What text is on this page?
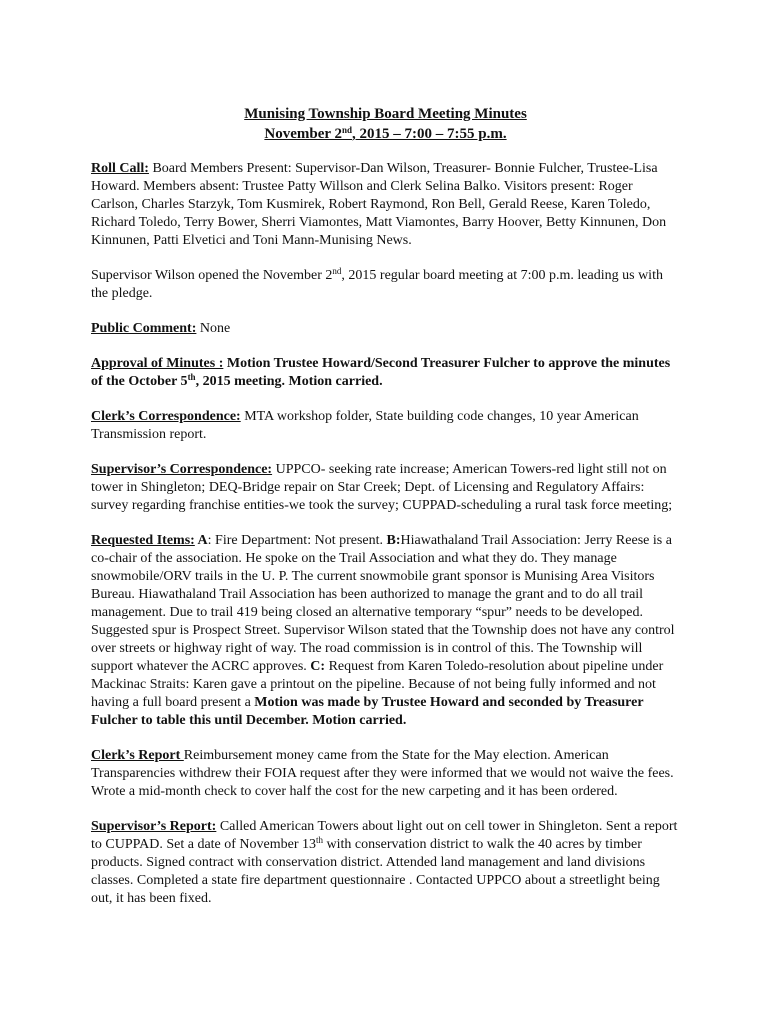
Munising Township Board Meeting Minutes
November 2nd, 2015 – 7:00 – 7:55 p.m.

Roll Call: Board Members Present: Supervisor-Dan Wilson, Treasurer- Bonnie Fulcher, Trustee-Lisa Howard. Members absent: Trustee Patty Willson and Clerk Selina Balko. Visitors present: Roger Carlson, Charles Starzyk, Tom Kusmirek, Robert Raymond, Ron Bell, Gerald Reese, Karen Toledo, Richard Toledo, Terry Bower, Sherri Viamontes, Matt Viamontes, Barry Hoover, Betty Kinnunen, Don Kinnunen, Patti Elvetici and Toni Mann-Munising News.

Supervisor Wilson opened the November 2nd, 2015 regular board meeting at 7:00 p.m. leading us with the pledge.

Public Comment: None

Approval of Minutes : Motion Trustee Howard/Second Treasurer Fulcher to approve the minutes of the October 5th, 2015 meeting. Motion carried.

Clerk’s Correspondence: MTA workshop folder, State building code changes, 10 year American Transmission report.

Supervisor’s Correspondence: UPPCO- seeking rate increase; American Towers-red light still not on tower in Shingleton; DEQ-Bridge repair on Star Creek; Dept. of Licensing and Regulatory Affairs: survey regarding franchise entities-we took the survey; CUPPAD-scheduling a rural task force meeting;

Requested Items: A: Fire Department: Not present. B:Hiawathaland Trail Association: Jerry Reese is a co-chair of the association. He spoke on the Trail Association and what they do. They manage snowmobile/ORV trails in the U. P. The current snowmobile grant sponsor is Munising Area Visitors Bureau. Hiawathaland Trail Association has been authorized to manage the grant and to do all trail management. Due to trail 419 being closed an alternative temporary “spur” needs to be developed. Suggested spur is Prospect Street. Supervisor Wilson stated that the Township does not have any control over streets or highway right of way. The road commission is in control of this. The Township will support whatever the ACRC approves. C: Request from Karen Toledo-resolution about pipeline under Mackinac Straits: Karen gave a printout on the pipeline. Because of not being fully informed and not having a full board present a Motion was made by Trustee Howard and seconded by Treasurer Fulcher to table this until December. Motion carried.

Clerk’s Report Reimbursement money came from the State for the May election. American Transparencies withdrew their FOIA request after they were informed that we would not waive the fees. Wrote a mid-month check to cover half the cost for the new carpeting and it has been ordered.

Supervisor’s Report: Called American Towers about light out on cell tower in Shingleton. Sent a report to CUPPAD. Set a date of November 13th with conservation district to walk the 40 acres by timber products. Signed contract with conservation district. Attended land management and land divisions classes. Completed a state fire department questionnaire . Contacted UPPCO about a streetlight being out, it has been fixed.
